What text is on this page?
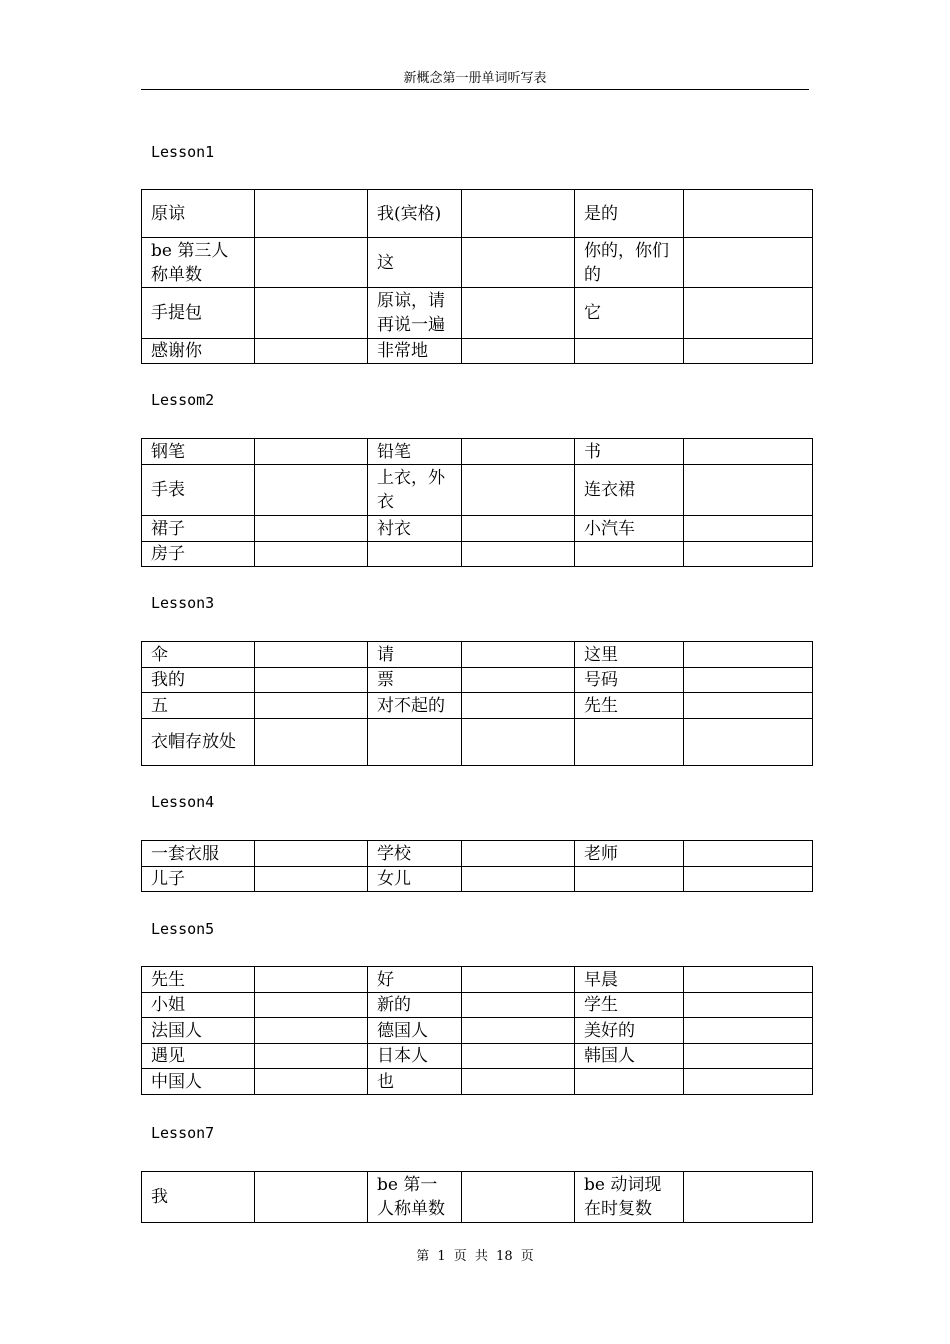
新概念第一册单词听写表
Lesson1
原谅		我(宾格)		是的	
be 第三人称单数		这		你的，你们的	
手提包		原谅，请再说一遍		它	
感谢你		非常地			
Lessom2
钢笔		铅笔		书	
手表		上衣，外衣		连衣裙	
裙子		衬衣		小汽车	
房子					
Lesson3
伞		请		这里	
我的		票		号码	
五		对不起的		先生	
衣帽存放处					
Lesson4
一套衣服		学校		老师	
儿子		女儿			
Lesson5
先生		好		早晨	
小姐		新的		学生	
法国人		德国人		美好的	
遇见		日本人		韩国人	
中国人		也			
Lesson7
我		be 第一人称单数		be 动词现在时复数	
第 1 页 共 18 页
